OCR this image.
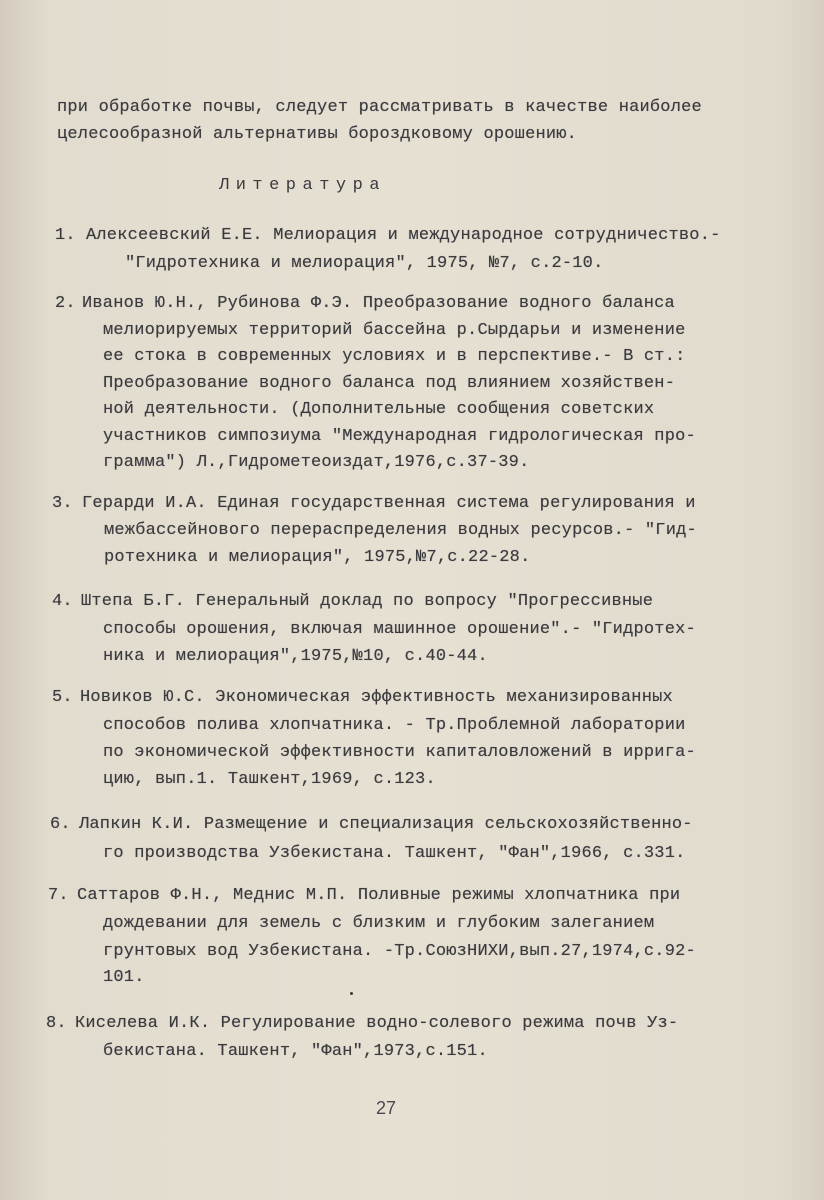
при обработке почвы, следует рассматривать в качестве наиболее
целесообразной альтернативы бороздковому орошению.
Литература
1. Алексеевский Е.Е. Мелиорация и международное сотрудничество.-
"Гидротехника и мелиорация", 1975, №7, с.2-10.
2. Иванов Ю.Н., Рубинова Ф.Э. Преобразование водного баланса
мелиорируемых территорий бассейна р.Сырдарьи и изменение
ее стока в современных условиях и в перспективе.- В ст.:
Преобразование водного баланса под влиянием хозяйствен-
ной деятельности. (Дополнительные сообщения советских
участников симпозиума "Международная гидрологическая про-
грамма") Л.,Гидрометеоиздат,1976,с.37-39.
3. Герарди И.А. Единая государственная система регулирования и
межбассейнового перераспределения водных ресурсов.- "Гид-
ротехника и мелиорация", 1975,№7,с.22-28.
4. Штепа Б.Г. Генеральный доклад по вопросу "Прогрессивные
способы орошения, включая машинное орошение".- "Гидротех-
ника и мелиорация",1975,№10, с.40-44.
5. Новиков Ю.С. Экономическая эффективность механизированных
способов полива хлопчатника. - Тр.Проблемной лаборатории
по экономической эффективности капиталовложений в ирригa-
цию, вып.1. Ташкент,1969, с.123.
6. Лапкин К.И. Размещение и специализация сельскохозяйственно-
го производства Узбекистана. Ташкент, "Фан",1966, с.331.
7. Саттаров Ф.Н., Меднис М.П. Поливные режимы хлопчатника при
дождевании для земель с близким и глубоким залеганием
грунтовых вод Узбекистана. -Тр.СоюзНИХИ,вып.27,1974,с.92-
101.
8. Киселева И.К. Регулирование водно-солевого режима почв Уз-
бекистана. Ташкент, "Фан",1973,с.151.
27
